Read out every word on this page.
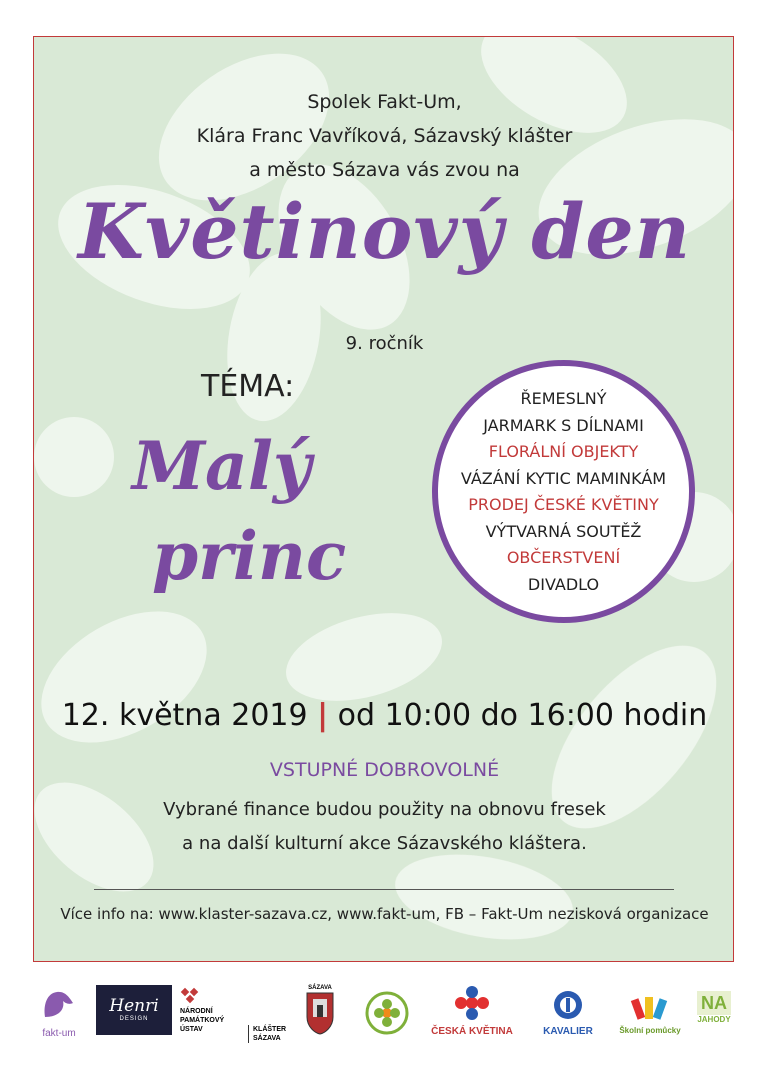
Spolek Fakt-Um,
Klára Franc Vavříková, Sázavský klášter
a město Sázava vás zvou na
Květinový den
9. ročník
TÉMA:
Malý
princ
ŘEMESLNÝ
JARMARK S DÍLNAMI
FLORÁLNÍ OBJEKTY
VÁZÁNÍ KYTIC MAMINKÁM
PRODEJ ČESKÉ KVĚTINY
VÝTVARNÁ SOUTĚŽ
OBČERSTVENÍ
DIVADLO
12. května 2019 | od 10:00 do 16:00 hodin
VSTUPNÉ DOBROVOLNÉ
Vybrané finance budou použity na obnovu fresek
a na další kulturní akce Sázavského kláštera.
Více info na: www.klaster-sazava.cz, www.fakt-um, FB – Fakt-Um nezisková organizace
fakt-um
Henri
DESIGN
NÁRODNÍ
PAMÁTKOVÝ
ÚSTAV	KLÁŠTER
SÁZAVA
SÁZAVA
ČESKÁ KVĚTINA	KAVALIER	Školní pomůcky
NA
JAHODY
